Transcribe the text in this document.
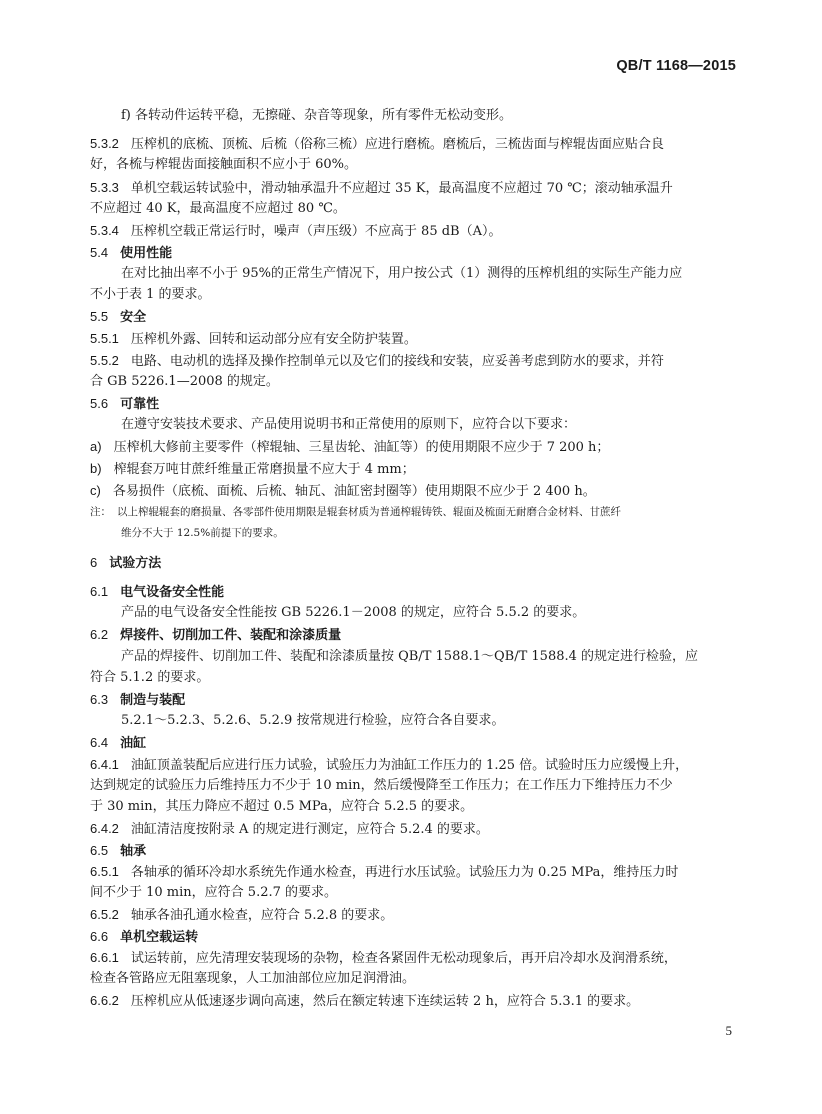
QB/T 1168—2015
f) 各转动件运转平稳，无擦碰、杂音等现象，所有零件无松动变形。
5.3.2 压榨机的底梳、顶梳、后梳（俗称三梳）应进行磨梳。磨梳后，三梳齿面与榨辊齿面应贴合良
好，各梳与榨辊齿面接触面积不应小于 60%。
5.3.3 单机空载运转试验中，滑动轴承温升不应超过 35 K，最高温度不应超过 70 ℃；滚动轴承温升
不应超过 40 K，最高温度不应超过 80 ℃。
5.3.4 压榨机空载正常运行时，噪声（声压级）不应高于 85 dB（A）。
5.4 使用性能
在对比抽出率不小于 95%的正常生产情况下，用户按公式（1）测得的压榨机组的实际生产能力应
不小于表 1 的要求。
5.5 安全
5.5.1 压榨机外露、回转和运动部分应有安全防护装置。
5.5.2 电路、电动机的选择及操作控制单元以及它们的接线和安装，应妥善考虑到防水的要求，并符
合 GB 5226.1—2008 的规定。
5.6 可靠性
在遵守安装技术要求、产品使用说明书和正常使用的原则下，应符合以下要求：
a) 压榨机大修前主要零件（榨辊轴、三星齿轮、油缸等）的使用期限不应少于 7 200 h；
b) 榨辊套万吨甘蔗纤维量正常磨损量不应大于 4 mm；
c) 各易损件（底梳、面梳、后梳、轴瓦、油缸密封圈等）使用期限不应少于 2 400 h。
注： 以上榨辊辊套的磨损量、各零部件使用期限是辊套材质为普通榨辊铸铁、辊面及梳面无耐磨合金材料、甘蔗纤
维分不大于 12.5%前提下的要求。
6 试验方法
6.1 电气设备安全性能
产品的电气设备安全性能按 GB 5226.1－2008 的规定，应符合 5.5.2 的要求。
6.2 焊接件、切削加工件、装配和涂漆质量
产品的焊接件、切削加工件、装配和涂漆质量按 QB/T 1588.1～QB/T 1588.4 的规定进行检验，应
符合 5.1.2 的要求。
6.3 制造与装配
5.2.1～5.2.3、5.2.6、5.2.9 按常规进行检验，应符合各自要求。
6.4 油缸
6.4.1 油缸顶盖装配后应进行压力试验，试验压力为油缸工作压力的 1.25 倍。试验时压力应缓慢上升，
达到规定的试验压力后维持压力不少于 10 min，然后缓慢降至工作压力；在工作压力下维持压力不少
于 30 min，其压力降应不超过 0.5 MPa，应符合 5.2.5 的要求。
6.4.2 油缸清洁度按附录 A 的规定进行测定，应符合 5.2.4 的要求。
6.5 轴承
6.5.1 各轴承的循环冷却水系统先作通水检查，再进行水压试验。试验压力为 0.25 MPa，维持压力时
间不少于 10 min，应符合 5.2.7 的要求。
6.5.2 轴承各油孔通水检查，应符合 5.2.8 的要求。
6.6 单机空载运转
6.6.1 试运转前，应先清理安装现场的杂物，检查各紧固件无松动现象后，再开启冷却水及润滑系统，
检查各管路应无阻塞现象，人工加油部位应加足润滑油。
6.6.2 压榨机应从低速逐步调向高速，然后在额定转速下连续运转 2 h，应符合 5.3.1 的要求。
5
